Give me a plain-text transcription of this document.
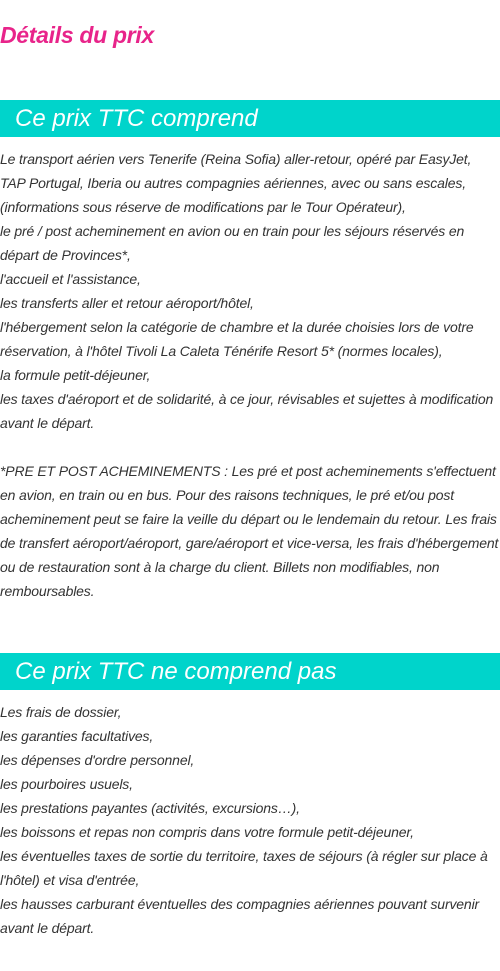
Détails du prix
Ce prix TTC comprend

Le transport aérien vers Tenerife (Reina Sofia) aller-retour, opéré par EasyJet, TAP Portugal, Iberia ou autres compagnies aériennes, avec ou sans escales, (informations sous réserve de modifications par le Tour Opérateur),

le pré / post acheminement en avion ou en train pour les séjours réservés en départ de Provinces*,

l'accueil et l'assistance,

les transferts aller et retour aéroport/hôtel,

l'hébergement selon la catégorie de chambre et la durée choisies lors de votre réservation, à l'hôtel Tivoli La Caleta Ténérife Resort 5* (normes locales),

la formule petit-déjeuner,

les taxes d'aéroport et de solidarité, à ce jour, révisables et sujettes à modification avant le départ.

*PRE ET POST ACHEMINEMENTS : Les pré et post acheminements s'effectuent en avion, en train ou en bus. Pour des raisons techniques, le pré et/ou post acheminement peut se faire la veille du départ ou le lendemain du retour. Les frais de transfert aéroport/aéroport, gare/aéroport et vice-versa, les frais d'hébergement ou de restauration sont à la charge du client. Billets non modifiables, non remboursables.

Ce prix TTC ne comprend pas

Les frais de dossier,

les garanties facultatives,

les dépenses d'ordre personnel,

les pourboires usuels,

les prestations payantes (activités, excursions…),

les boissons et repas non compris dans votre formule petit-déjeuner,

les éventuelles taxes de sortie du territoire, taxes de séjours (à régler sur place à l'hôtel) et visa d'entrée,

les hausses carburant éventuelles des compagnies aériennes pouvant survenir avant le départ.
